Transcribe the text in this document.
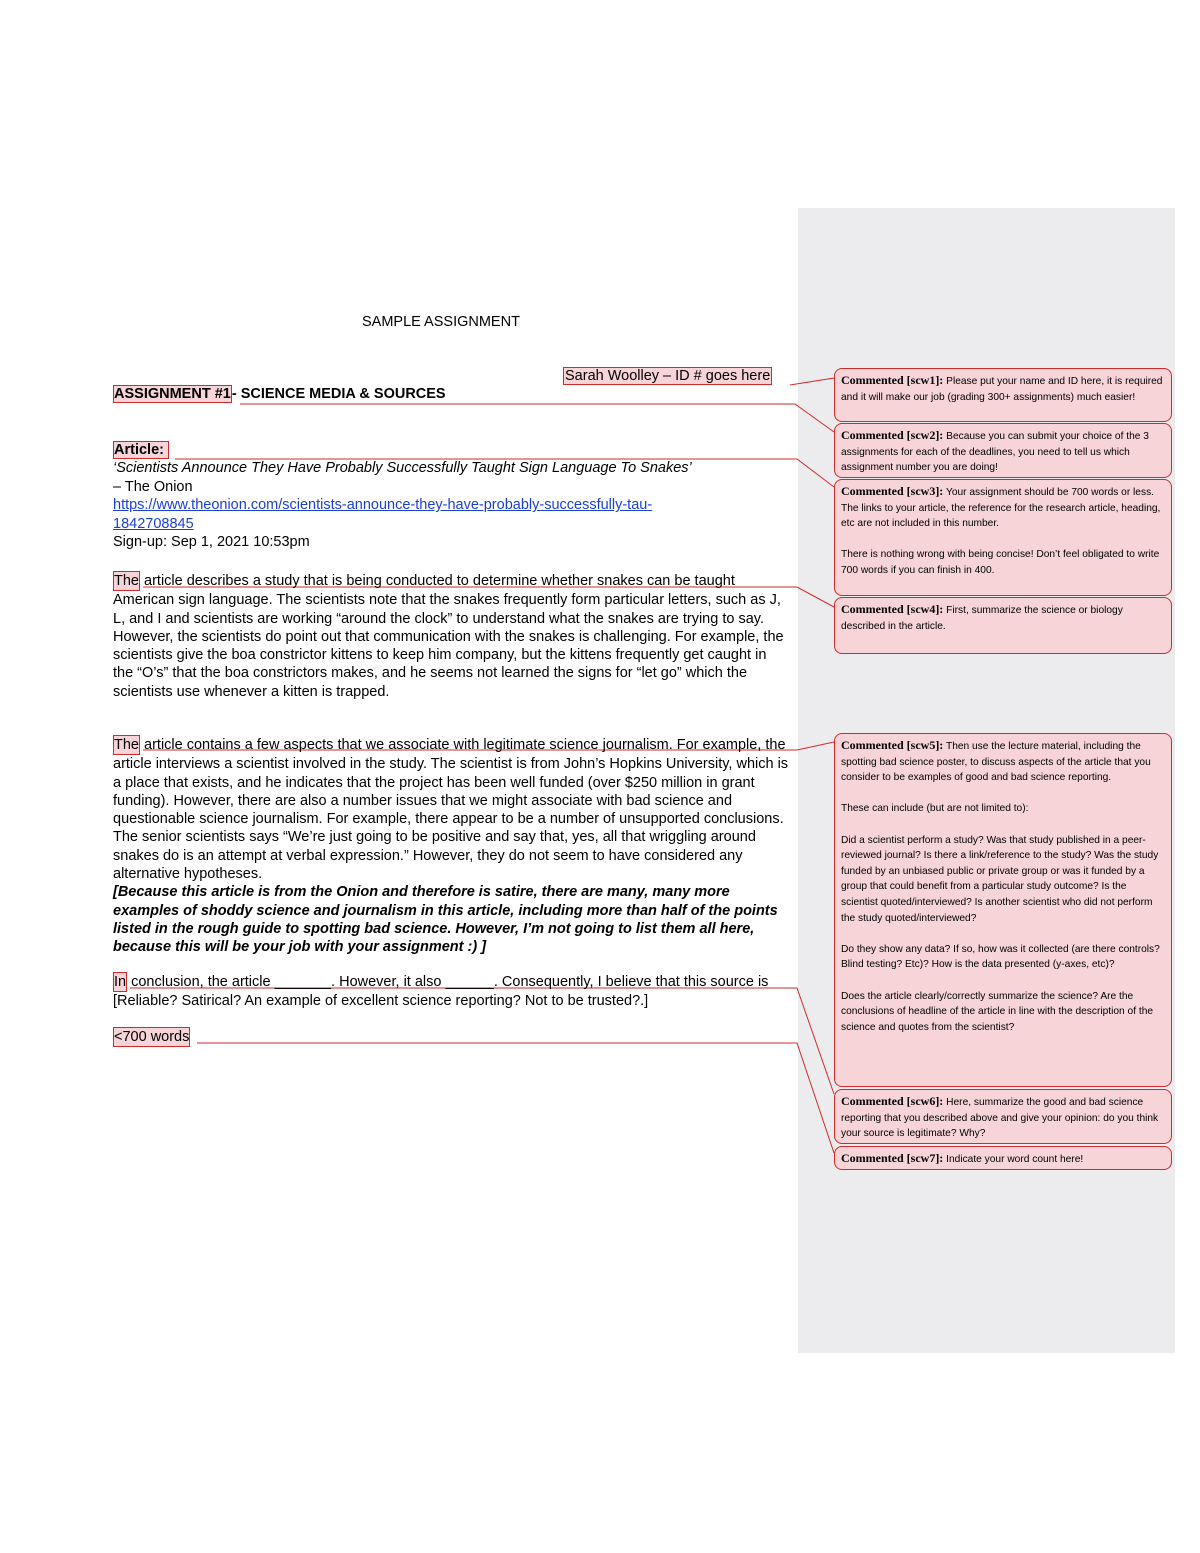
SAMPLE ASSIGNMENT
Sarah Woolley – ID # goes here
ASSIGNMENT #1- SCIENCE MEDIA & SOURCES
Article:
‘Scientists Announce They Have Probably Successfully Taught Sign Language To Snakes’
– The Onion
https://www.theonion.com/scientists-announce-they-have-probably-successfully-tau-
1842708845
Sign-up: Sep 1, 2021 10:53pm
The article describes a study that is being conducted to determine whether snakes can be taught American sign language. The scientists note that the snakes frequently form particular letters, such as J, L, and I and scientists are working “around the clock” to understand what the snakes are trying to say. However, the scientists do point out that communication with the snakes is challenging. For example, the scientists give the boa constrictor kittens to keep him company, but the kittens frequently get caught in the “O’s” that the boa constrictors makes, and he seems not learned the signs for “let go” which the scientists use whenever a kitten is trapped.
The article contains a few aspects that we associate with legitimate science journalism. For example, the article interviews a scientist involved in the study. The scientist is from John’s Hopkins University, which is a place that exists, and he indicates that the project has been well funded (over $250 million in grant funding). However, there are also a number issues that we might associate with bad science and questionable science journalism. For example, there appear to be a number of unsupported conclusions. The senior scientists says “We’re just going to be positive and say that, yes, all that wriggling around snakes do is an attempt at verbal expression.” However, they do not seem to have considered any alternative hypotheses.
[Because this article is from the Onion and therefore is satire, there are many, many more examples of shoddy science and journalism in this article, including more than half of the points listed in the rough guide to spotting bad science. However, I’m not going to list them all here, because this will be your job with your assignment :) ]
In conclusion, the article _______. However, it also ______. Consequently, I believe that this source is [Reliable? Satirical? An example of excellent science reporting? Not to be trusted?.]
<700 words

Commented [scw1]: Please put your name and ID here, it is required and it will make our job (grading 300+ assignments) much easier!

Commented [scw2]: Because you can submit your choice of the 3 assignments for each of the deadlines, you need to tell us which assignment number you are doing!

Commented [scw3]: Your assignment should be 700 words or less. The links to your article, the reference for the research article, heading, etc are not included in this number.

There is nothing wrong with being concise! Don’t feel obligated to write 700 words if you can finish in 400.

Commented [scw4]: First, summarize the science or biology described in the article.

Commented [scw5]: Then use the lecture material, including the spotting bad science poster, to discuss aspects of the article that you consider to be examples of good and bad science reporting.

These can include (but are not limited to):

Did a scientist perform a study? Was that study published in a peer-reviewed journal? Is there a link/reference to the study? Was the study funded by an unbiased public or private group or was it funded by a group that could benefit from a particular study outcome? Is the scientist quoted/interviewed? Is another scientist who did not perform the study quoted/interviewed?

Do they show any data? If so, how was it collected (are there controls? Blind testing? Etc)? How is the data presented (y-axes, etc)?

Does the article clearly/correctly summarize the science? Are the conclusions of headline of the article in line with the description of the science and quotes from the scientist?

Commented [scw6]: Here, summarize the good and bad science reporting that you described above and give your opinion: do you think your source is legitimate? Why?

Commented [scw7]: Indicate your word count here!
